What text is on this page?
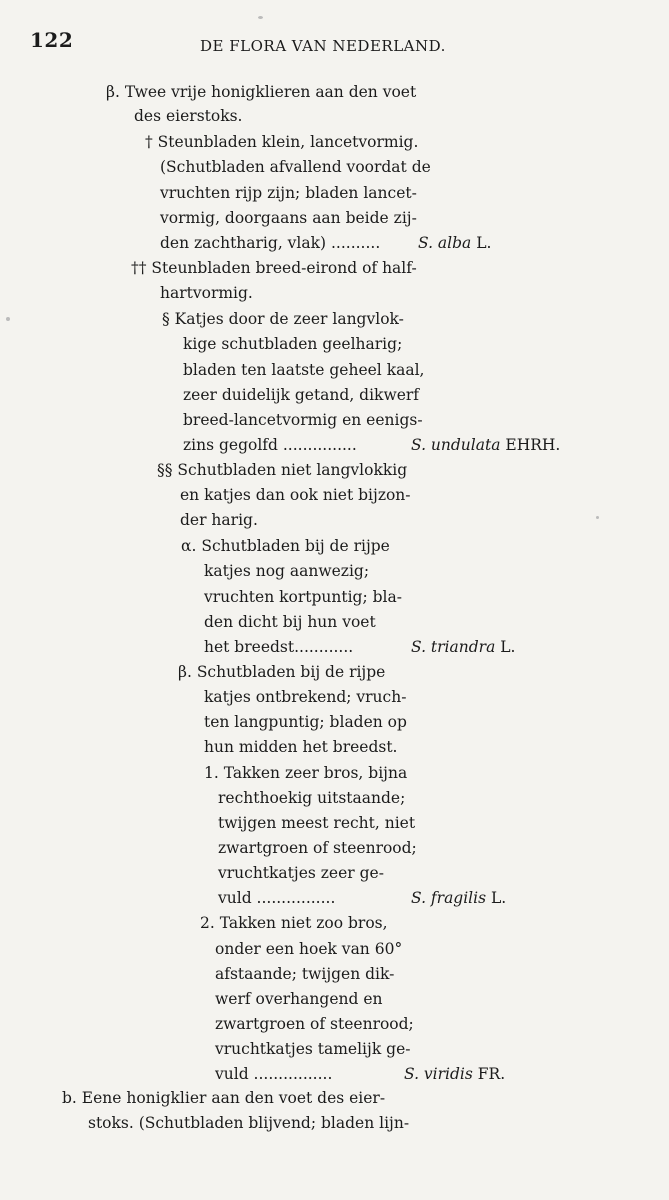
122	DE FLORA VAN NEDERLAND.
β. Twee vrije honigklieren aan den voet
des eierstoks.
† Steunbladen klein, lancetvormig.
(Schutbladen afvallend voordat de
vruchten rijp zijn; bladen lancet-
vormig, doorgaans aan beide zij-
den zachtharig, vlak) ..........
†† Steunbladen breed-eirond of half-
hartvormig.
§ Katjes door de zeer langvlok-
kige schutbladen geelharig;
bladen ten laatste geheel kaal,
zeer duidelijk getand, dikwerf
breed-lancetvormig en eenigs-
zins gegolfd ...............
§§ Schutbladen niet langvlokkig
en katjes dan ook niet bijzon-
der harig.
α. Schutbladen bij de rijpe
katjes nog aanwezig;
vruchten kortpuntig; bla-
den dicht bij hun voet
het breedst............
β. Schutbladen bij de rijpe
katjes ontbrekend; vruch-
ten langpuntig; bladen op
hun midden het breedst.
1. Takken zeer bros, bijna
rechthoekig uitstaande;
twijgen meest recht, niet
zwartgroen of steenrood;
vruchtkatjes zeer ge-
vuld ................
2. Takken niet zoo bros,
onder een hoek van 60°
afstaande; twijgen dik-
werf overhangend en
zwartgroen of steenrood;
vruchtkatjes tamelijk ge-
vuld ................
b. Eene honigklier aan den voet des eier-
stoks. (Schutbladen blijvend; bladen lijn-
S. alba L.
S. undulata EHRH.
S. triandra L.
S. fragilis L.
S. viridis FR.
